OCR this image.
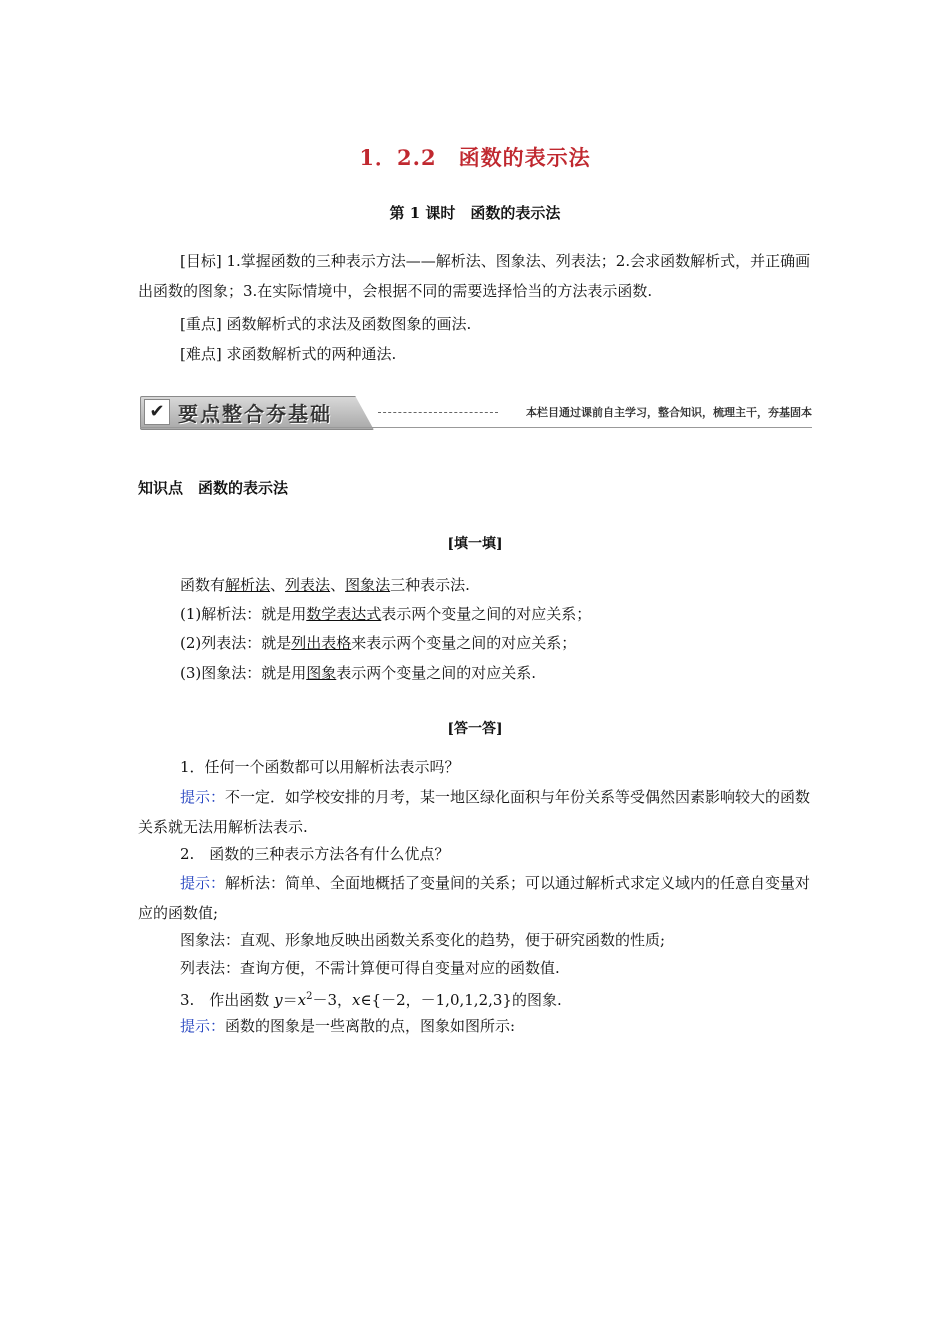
1．2.2　函数的表示法
第 1 课时　函数的表示法
[目标] 1.掌握函数的三种表示方法——解析法、图象法、列表法；2.会求函数解析式，并正确画出函数的图象；3.在实际情境中，会根据不同的需要选择恰当的方法表示函数.
[重点] 函数解析式的求法及函数图象的画法.
[难点] 求函数解析式的两种通法.
✔ 要点整合夯基础	本栏目通过课前自主学习，整合知识，梳理主干，夯基固本
知识点　函数的表示法
[填一填]
函数有解析法、列表法、图象法三种表示法.
(1)解析法：就是用数学表达式表示两个变量之间的对应关系；
(2)列表法：就是列出表格来表示两个变量之间的对应关系；
(3)图象法：就是用图象表示两个变量之间的对应关系.
[答一答]
1．任何一个函数都可以用解析法表示吗？
提示：不一定．如学校安排的月考，某一地区绿化面积与年份关系等受偶然因素影响较大的函数关系就无法用解析法表示.
2.　函数的三种表示方法各有什么优点？
提示：解析法：简单、全面地概括了变量间的关系；可以通过解析式求定义域内的任意自变量对应的函数值;
图象法：直观、形象地反映出函数关系变化的趋势，便于研究函数的性质;
列表法：查询方便，不需计算便可得自变量对应的函数值.
3.　作出函数 $y=x^2-3$，x∈{－2，－1,0,1,2,3}的图象.
提示：函数的图象是一些离散的点，图象如图所示:
